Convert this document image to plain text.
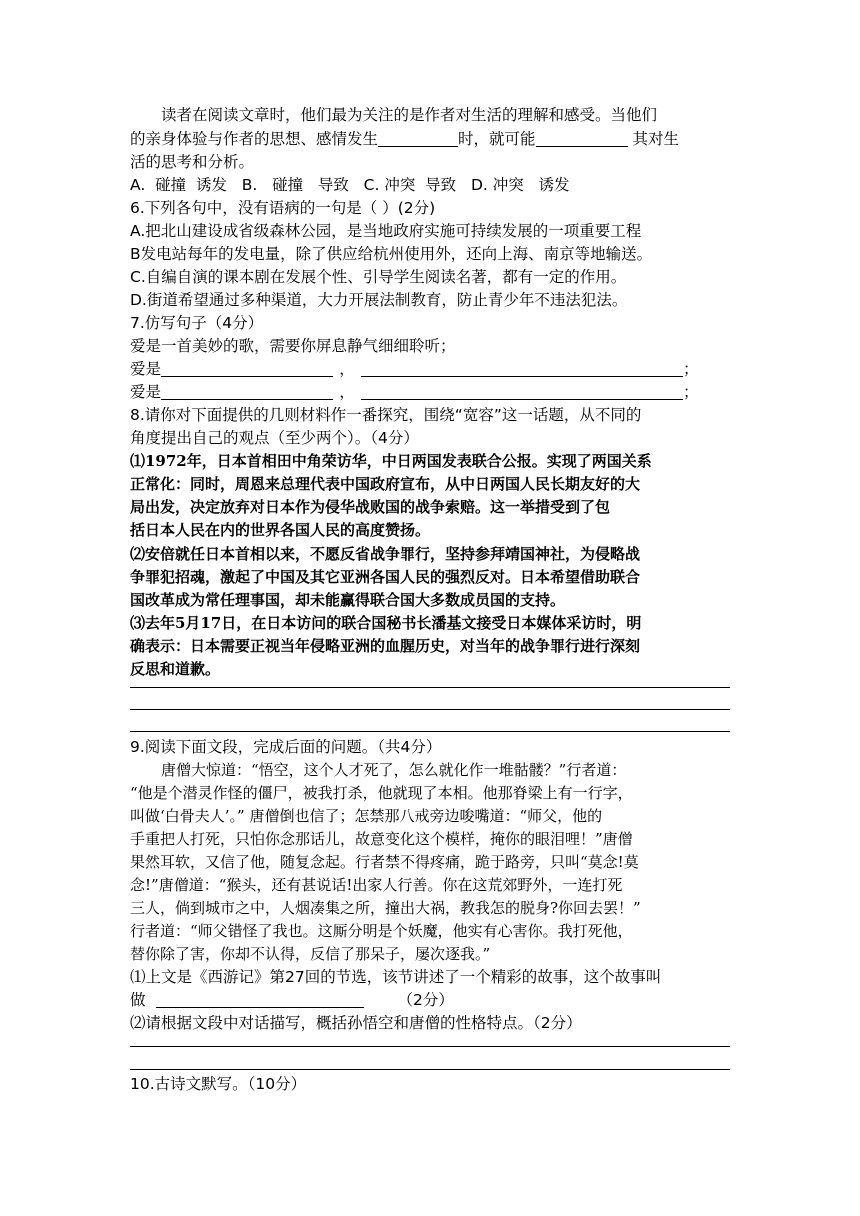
读者在阅读文章时，他们最为关注的是作者对生活的理解和感受。当他们
的亲身体验与作者的思想、感情发生	时，就可能	其对生
活的思考和分析。
A.  碰撞  诱发   B.   碰撞   导致   C. 冲突  导致   D. 冲突   诱发
6.下列各句中，没有语病的一句是（ ）(2分)
A.把北山建设成省级森林公园，是当地政府实施可持续发展的一项重要工程
B发电站每年的发电量，除了供应给杭州使用外，还向上海、南京等地输送。
C.自编自演的课本剧在发展个性、引导学生阅读名著，都有一定的作用。
D.街道希望通过多种渠道，大力开展法制教育，防止青少年不违法犯法。
7.仿写句子（4分）
爱是一首美妙的歌，需要你屏息静气细细聆听；
爱是	，	；
爱是	，	；
8.请你对下面提供的几则材料作一番探究，围绕“宽容”这一话题，从不同的
角度提出自己的观点（至少两个）。（4分）
⑴1972年，日本首相田中角荣访华，中日两国发表联合公报。实现了两国关系
正常化：同时，周恩来总理代表中国政府宣布，从中日两国人民长期友好的大
局出发，决定放弃对日本作为侵华战败国的战争索赔。这一举措受到了包
括日本人民在内的世界各国人民的高度赞扬。
⑵安倍就任日本首相以来，不愿反省战争罪行，坚持参拜靖国神社，为侵略战
争罪犯招魂，激起了中国及其它亚洲各国人民的强烈反对。日本希望借助联合
国改革成为常任理事国，却未能赢得联合国大多数成员国的支持。
⑶去年5月17日，在日本访问的联合国秘书长潘基文接受日本媒体采访时，明
确表示：日本需要正视当年侵略亚洲的血腥历史，对当年的战争罪行进行深刻
反思和道歉。
9.阅读下面文段，完成后面的问题。（共4分）
唐僧大惊道：“悟空，这个人才死了，怎么就化作一堆骷髅？”行者道：
“他是个潜灵作怪的僵尸，被我打杀，他就现了本相。他那脊梁上有一行字，
叫做‘白骨夫人’。” 唐僧倒也信了；怎禁那八戒旁边唆嘴道：“师父，他的
手重把人打死，只怕你念那话儿，故意变化这个模样，掩你的眼泪哩！”唐僧
果然耳软，又信了他，随复念起。行者禁不得疼痛，跪于路旁，只叫“莫念!莫
念!”唐僧道：“猴头，还有甚说话!出家人行善。你在这荒郊野外，一连打死
三人，倘到城市之中，人烟凑集之所，撞出大祸，教我怎的脱身?你回去罢！”
行者道：“师父错怪了我也。这厮分明是个妖魔，他实有心害你。我打死他，
替你除了害，你却不认得，反信了那呆子，屡次逐我。”
⑴上文是《西游记》第27回的节选，该节讲述了一个精彩的故事，这个故事叫
做	（2分）
⑵请根据文段中对话描写，概括孙悟空和唐僧的性格特点。（2分）
10.古诗文默写。（10分）
